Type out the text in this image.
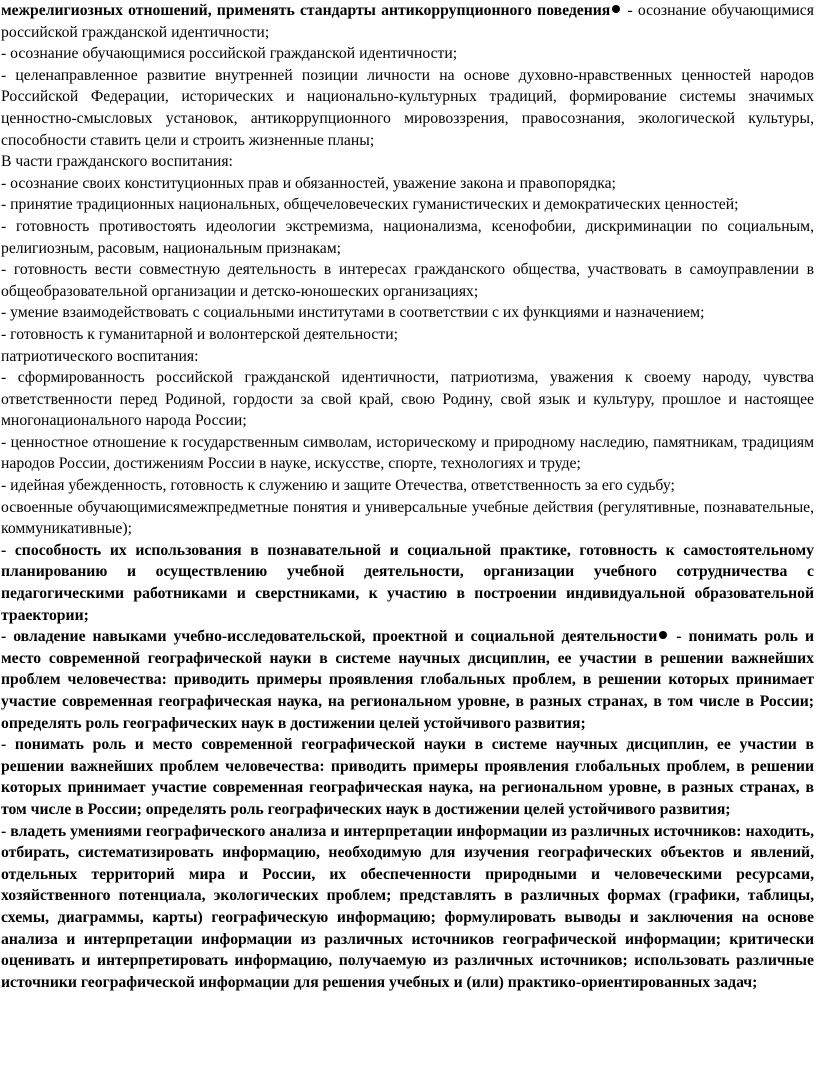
межрелигиозных отношений, применять стандарты антикоррупционного поведения - осознание обучающимися российской гражданской идентичности;
- осознание обучающимися российской гражданской идентичности;
- целенаправленное развитие внутренней позиции личности на основе духовно-нравственных ценностей народов Российской Федерации, исторических и национально-культурных традиций, формирование системы значимых ценностно-смысловых установок, антикоррупционного мировоззрения, правосознания, экологической культуры, способности ставить цели и строить жизненные планы;
В части гражданского воспитания:
- осознание своих конституционных прав и обязанностей, уважение закона и правопорядка;
- принятие традиционных национальных, общечеловеческих гуманистических и демократических ценностей;
- готовность противостоять идеологии экстремизма, национализма, ксенофобии, дискриминации по социальным, религиозным, расовым, национальным признакам;
- готовность вести совместную деятельность в интересах гражданского общества, участвовать в самоуправлении в общеобразовательной организации и детско-юношеских организациях;
- умение взаимодействовать с социальными институтами в соответствии с их функциями и назначением;
- готовность к гуманитарной и волонтерской деятельности;
патриотического воспитания:
- сформированность российской гражданской идентичности, патриотизма, уважения к своему народу, чувства ответственности перед Родиной, гордости за свой край, свою Родину, свой язык и культуру, прошлое и настоящее многонационального народа России;
- ценностное отношение к государственным символам, историческому и природному наследию, памятникам, традициям народов России, достижениям России в науке, искусстве, спорте, технологиях и труде;
- идейная убежденность, готовность к служению и защите Отечества, ответственность за его судьбу;
освоенные обучающимисямежпредметные понятия и универсальные учебные действия (регулятивные, познавательные, коммуникативные);
- способность их использования в познавательной и социальной практике, готовность к самостоятельному планированию и осуществлению учебной деятельности, организации учебного сотрудничества с педагогическими работниками и сверстниками, к участию в построении индивидуальной образовательной траектории;
- овладение навыками учебно-исследовательской, проектной и социальной деятельности - понимать роль и место современной географической науки в системе научных дисциплин, ее участии в решении важнейших проблем человечества: приводить примеры проявления глобальных проблем, в решении которых принимает участие современная географическая наука, на региональном уровне, в разных странах, в том числе в России; определять роль географических наук в достижении целей устойчивого развития;
- понимать роль и место современной географической науки в системе научных дисциплин, ее участии в решении важнейших проблем человечества: приводить примеры проявления глобальных проблем, в решении которых принимает участие современная географическая наука, на региональном уровне, в разных странах, в том числе в России; определять роль географических наук в достижении целей устойчивого развития;
- владеть умениями географического анализа и интерпретации информации из различных источников: находить, отбирать, систематизировать информацию, необходимую для изучения географических объектов и явлений, отдельных территорий мира и России, их обеспеченности природными и человеческими ресурсами, хозяйственного потенциала, экологических проблем; представлять в различных формах (графики, таблицы, схемы, диаграммы, карты) географическую информацию; формулировать выводы и заключения на основе анализа и интерпретации информации из различных источников географической информации; критически оценивать и интерпретировать информацию, получаемую из различных источников; использовать различные источники географической информации для решения учебных и (или) практико-ориентированных задач;
